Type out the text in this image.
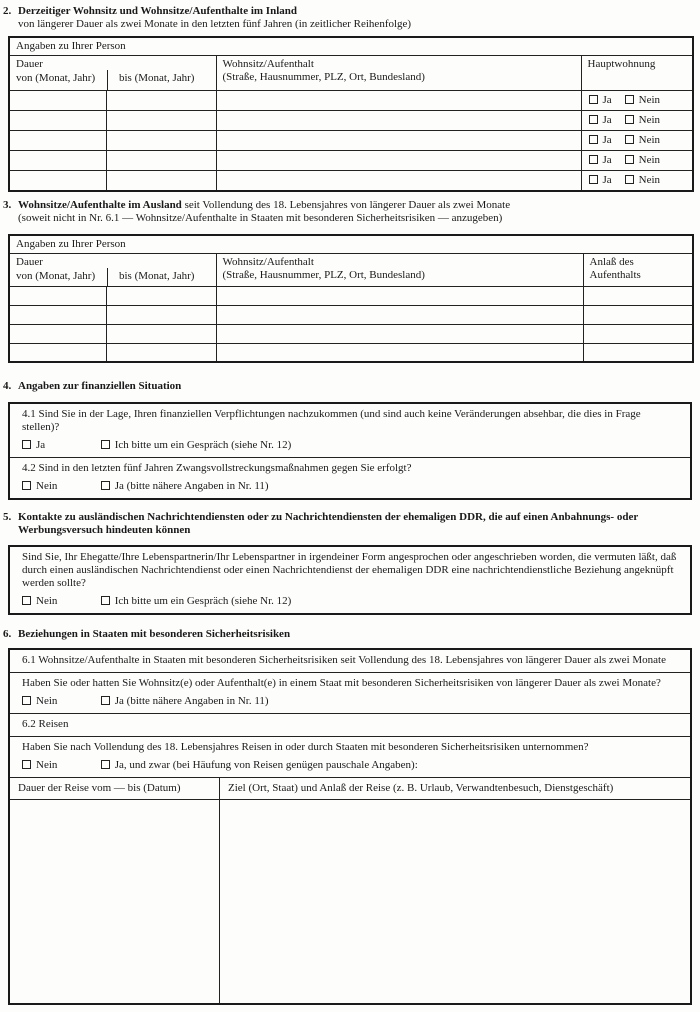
2. Derzeitiger Wohnsitz und Wohnsitze/Aufenthalte im Inland
von längerer Dauer als zwei Monate in den letzten fünf Jahren (in zeitlicher Reihenfolge)
Angaben zu Ihrer Person			

Dauer
von (Monat, Jahr)	bis (Monat, Jahr)

Wohnsitz/Aufenthalt
(Straße, Hausnummer, PLZ, Ort, Bundesland)

Hauptwohnung

			Ja Nein
			Ja Nein
			Ja Nein
			Ja Nein
			Ja Nein
3. Wohnsitze/Aufenthalte im Ausland seit Vollendung des 18. Lebensjahres von längerer Dauer als zwei Monate
(soweit nicht in Nr. 6.1 — Wohnsitze/Aufenthalte in Staaten mit besonderen Sicherheitsrisiken — anzugeben)
Angaben zu Ihrer Person			

Dauer
von (Monat, Jahr)	bis (Monat, Jahr)

Wohnsitz/Aufenthalt
(Straße, Hausnummer, PLZ, Ort, Bundesland)

Anlaß des
Aufenthalts

4. Angaben zur finanziellen Situation
4.1 Sind Sie in der Lage, Ihren finanziellen Verpflichtungen nachzukommen (und sind auch keine Veränderungen absehbar, die dies in Frage stellen)?
Ja	Ich bitte um ein Gespräch (siehe Nr. 12)
4.2 Sind in den letzten fünf Jahren Zwangsvollstreckungsmaßnahmen gegen Sie erfolgt?
Nein	Ja (bitte nähere Angaben in Nr. 11)
5. Kontakte zu ausländischen Nachrichtendiensten oder zu Nachrichtendiensten der ehemaligen DDR, die auf einen Anbahnungs- oder
Werbungsversuch hindeuten können
Sind Sie, Ihr Ehegatte/Ihre Lebenspartnerin/Ihr Lebenspartner in irgendeiner Form angesprochen oder angeschrieben worden, die vermuten läßt, daß durch einen ausländischen Nachrichtendienst oder einen Nachrichtendienst der ehemaligen DDR eine nachrichtendienstliche Beziehung angeknüpft werden sollte?
Nein	Ich bitte um ein Gespräch (siehe Nr. 12)
6. Beziehungen in Staaten mit besonderen Sicherheitsrisiken
6.1 Wohnsitze/Aufenthalte in Staaten mit besonderen Sicherheitsrisiken seit Vollendung des 18. Lebensjahres von längerer Dauer als zwei Monate
Haben Sie oder hatten Sie Wohnsitz(e) oder Aufenthalt(e) in einem Staat mit besonderen Sicherheitsrisiken von längerer Dauer als zwei Monate?
Nein	Ja (bitte nähere Angaben in Nr. 11)
6.2 Reisen
Haben Sie nach Vollendung des 18. Lebensjahres Reisen in oder durch Staaten mit besonderen Sicherheitsrisiken unternommen?
Nein	Ja, und zwar (bei Häufung von Reisen genügen pauschale Angaben):
Dauer der Reise vom — bis (Datum)	Ziel (Ort, Staat) und Anlaß der Reise (z. B. Urlaub, Verwandtenbesuch, Dienstgeschäft)
